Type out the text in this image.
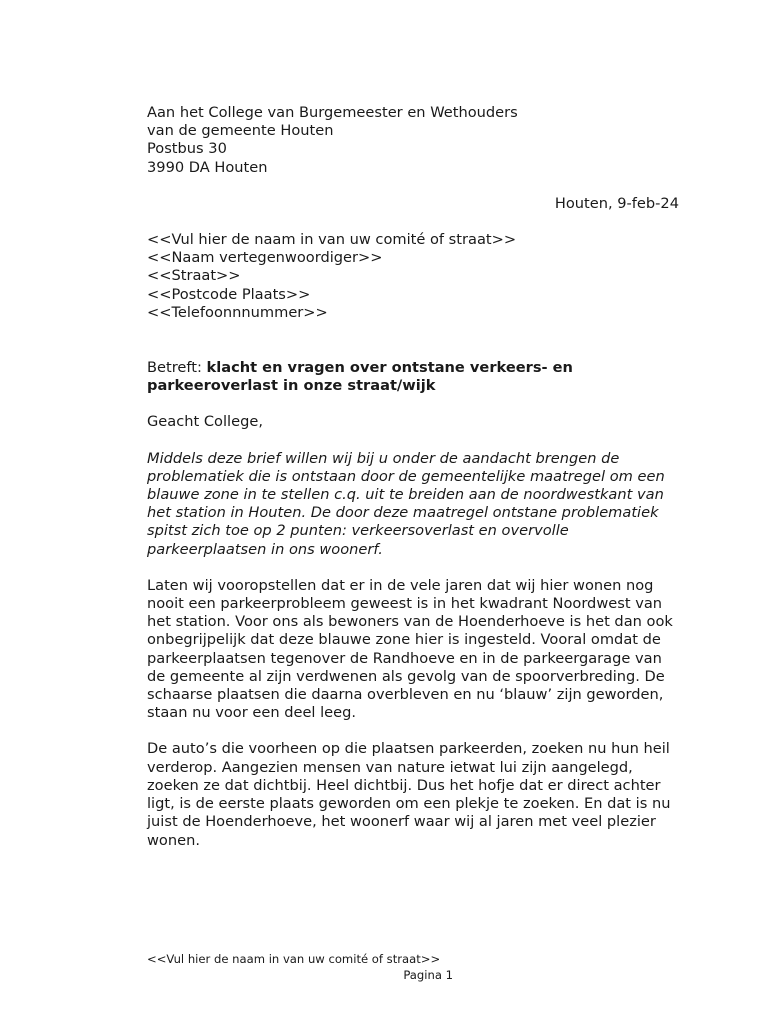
Aan het College van Burgemeester en Wethouders
van de gemeente Houten
Postbus 30
3990 DA Houten
Houten, 9-feb-24
<<Vul hier de naam in van uw comité of straat>>
<<Naam vertegenwoordiger>>
<<Straat>>
<<Postcode Plaats>>
<<Telefoonnnummer>>

Betreft: klacht en vragen over ontstane verkeers- en parkeeroverlast in onze straat/wijk

Geacht College,

Middels deze brief willen wij bij u onder de aandacht brengen de problematiek die is ontstaan door de gemeentelijke maatregel om een blauwe zone in te stellen c.q. uit te breiden aan de noordwestkant van het station in Houten. De door deze maatregel ontstane problematiek spitst zich toe op 2 punten: verkeersoverlast en overvolle parkeerplaatsen in ons woonerf.

Laten wij vooropstellen dat er in de vele jaren dat wij hier wonen nog nooit een parkeerprobleem geweest is in het kwadrant Noordwest van het station. Voor ons als bewoners van de Hoenderhoeve is het dan ook onbegrijpelijk dat deze blauwe zone hier is ingesteld. Vooral omdat de parkeerplaatsen tegenover de Randhoeve en in de parkeergarage van de gemeente al zijn verdwenen als gevolg van de spoorverbreding. De schaarse plaatsen die daarna overbleven en nu ‘blauw’ zijn geworden, staan nu voor een deel leeg.

De auto’s die voorheen op die plaatsen parkeerden, zoeken nu hun heil verderop. Aangezien mensen van nature ietwat lui zijn aangelegd, zoeken ze dat dichtbij. Heel dichtbij. Dus het hofje dat er direct achter ligt, is de eerste plaats geworden om een plekje te zoeken. En dat is nu juist de Hoenderhoeve, het woonerf waar wij al jaren met veel plezier wonen.

<<Vul hier de naam in van uw comité of straat>>
Pagina 1
